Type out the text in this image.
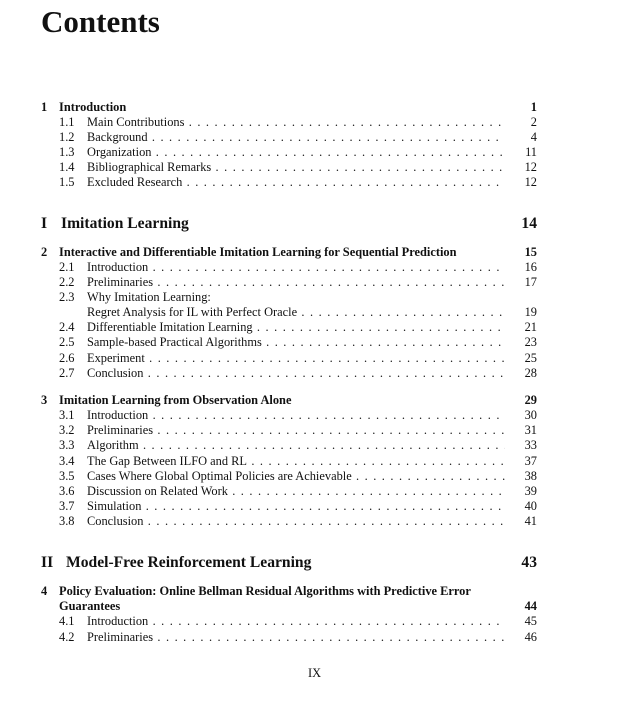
Contents
1 Introduction	1
1.1 Main Contributions . . .	2
1.2 Background . . .	4
1.3 Organization . . .	11
1.4 Bibliographical Remarks . . .	12
1.5 Excluded Research . . .	12
I Imitation Learning	14
2 Interactive and Differentiable Imitation Learning for Sequential Prediction	15
2.1 Introduction . . .	16
2.2 Preliminaries . . .	17
2.3 Why Imitation Learning:
Regret Analysis for IL with Perfect Oracle . . .	19
2.4 Differentiable Imitation Learning . . .	21
2.5 Sample-based Practical Algorithms . . .	23
2.6 Experiment . . .	25
2.7 Conclusion . . .	28
3 Imitation Learning from Observation Alone	29
3.1 Introduction . . .	30
3.2 Preliminaries . . .	31
3.3 Algorithm . . .	33
3.4 The Gap Between ILFO and RL . . .	37
3.5 Cases Where Global Optimal Policies are Achievable . . .	38
3.6 Discussion on Related Work . . .	39
3.7 Simulation . . .	40
3.8 Conclusion . . .	41
II Model-Free Reinforcement Learning	43
4 Policy Evaluation: Online Bellman Residual Algorithms with Predictive Error
Guarantees	44
4.1 Introduction . . .	45
4.2 Preliminaries . . .	46
IX
